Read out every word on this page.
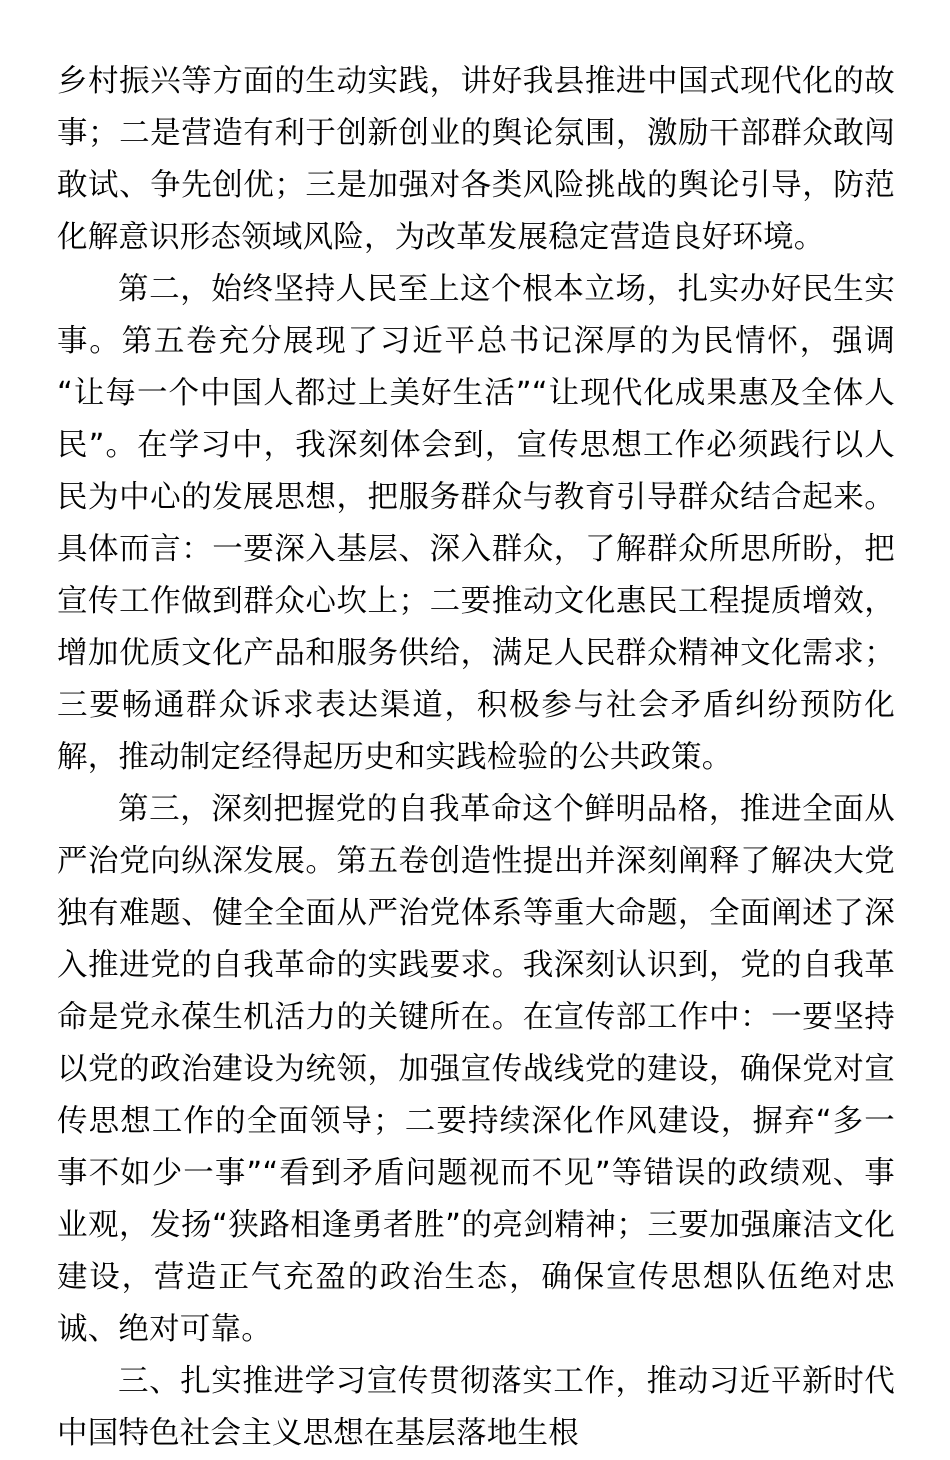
乡村振兴等方面的生动实践，讲好我县推进中国式现代化的故事；二是营造有利于创新创业的舆论氛围，激励干部群众敢闯敢试、争先创优；三是加强对各类风险挑战的舆论引导，防范化解意识形态领域风险，为改革发展稳定营造良好环境。

第二，始终坚持人民至上这个根本立场，扎实办好民生实事。第五卷充分展现了习近平总书记深厚的为民情怀，强调“让每一个中国人都过上美好生活”“让现代化成果惠及全体人民”。在学习中，我深刻体会到，宣传思想工作必须践行以人民为中心的发展思想，把服务群众与教育引导群众结合起来。具体而言：一要深入基层、深入群众，了解群众所思所盼，把宣传工作做到群众心坎上；二要推动文化惠民工程提质增效，增加优质文化产品和服务供给，满足人民群众精神文化需求；三要畅通群众诉求表达渠道，积极参与社会矛盾纠纷预防化解，推动制定经得起历史和实践检验的公共政策。

第三，深刻把握党的自我革命这个鲜明品格，推进全面从严治党向纵深发展。第五卷创造性提出并深刻阐释了解决大党独有难题、健全全面从严治党体系等重大命题，全面阐述了深入推进党的自我革命的实践要求。我深刻认识到，党的自我革命是党永葆生机活力的关键所在。在宣传部工作中：一要坚持以党的政治建设为统领，加强宣传战线党的建设，确保党对宣传思想工作的全面领导；二要持续深化作风建设，摒弃“多一事不如少一事”“看到矛盾问题视而不见”等错误的政绩观、事业观，发扬“狭路相逢勇者胜”的亮剑精神；三要加强廉洁文化建设，营造正气充盈的政治生态，确保宣传思想队伍绝对忠诚、绝对可靠。

三、扎实推进学习宣传贯彻落实工作，推动习近平新时代中国特色社会主义思想在基层落地生根
